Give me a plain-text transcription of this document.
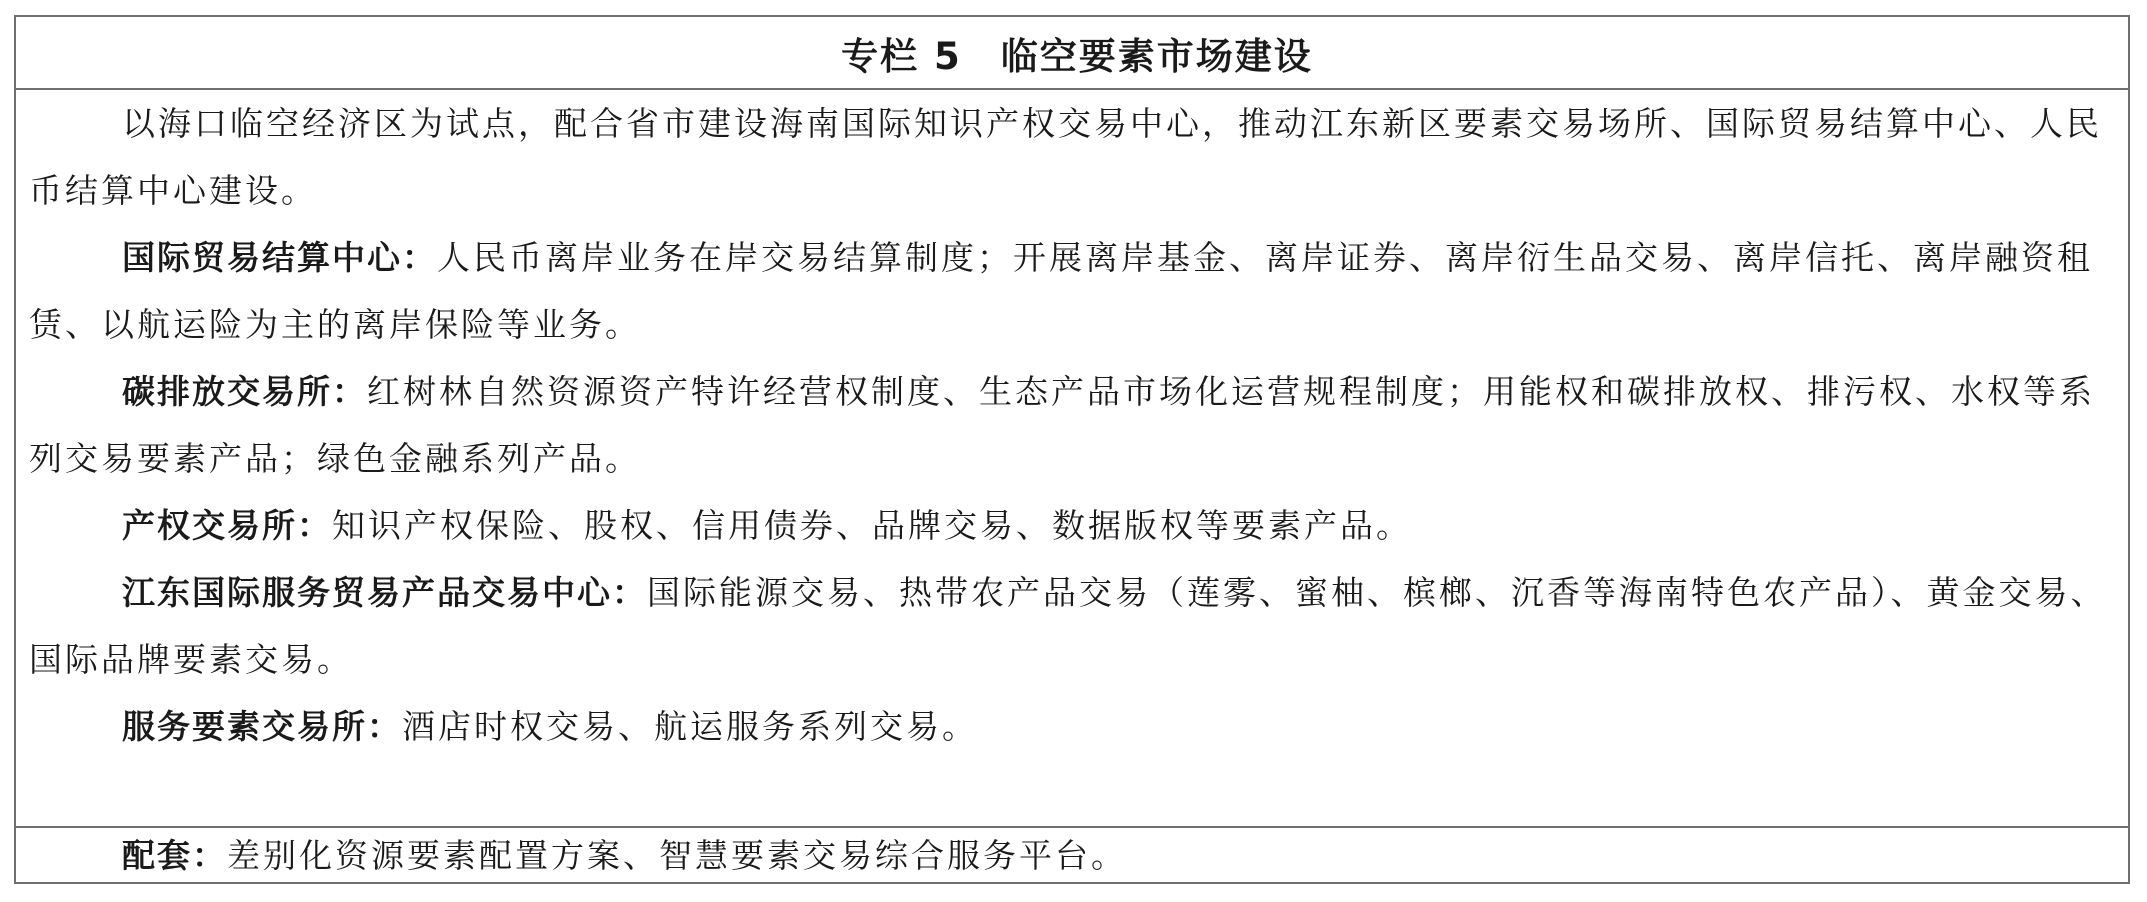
专栏 5　临空要素市场建设

以海口临空经济区为试点，配合省市建设海南国际知识产权交易中心，推动江东新区要素交易场所、国际贸易结算中心、人民币结算中心建设。

国际贸易结算中心：人民币离岸业务在岸交易结算制度；开展离岸基金、离岸证券、离岸衍生品交易、离岸信托、离岸融资租赁、以航运险为主的离岸保险等业务。

碳排放交易所：红树林自然资源资产特许经营权制度、生态产品市场化运营规程制度；用能权和碳排放权、排污权、水权等系列交易要素产品；绿色金融系列产品。

产权交易所：知识产权保险、股权、信用债券、品牌交易、数据版权等要素产品。

江东国际服务贸易产品交易中心：国际能源交易、热带农产品交易（莲雾、蜜柚、槟榔、沉香等海南特色农产品）、黄金交易、国际品牌要素交易。

服务要素交易所：酒店时权交易、航运服务系列交易。

配套：差别化资源要素配置方案、智慧要素交易综合服务平台。
